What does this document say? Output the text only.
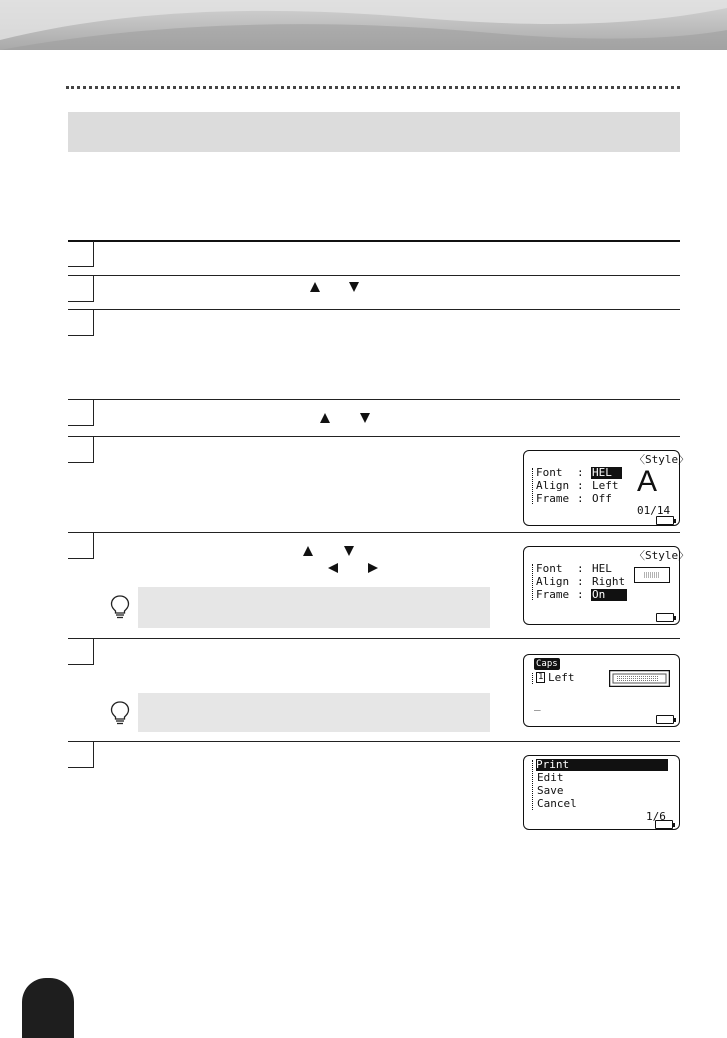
〈Style〉
Font : HEL
Align : Left
Frame : Off
A
01/14
〈Style〉
Font : HEL
Align : Right
Frame : On
Caps
1 Left
_
Print
Edit
Save
Cancel
1/6
